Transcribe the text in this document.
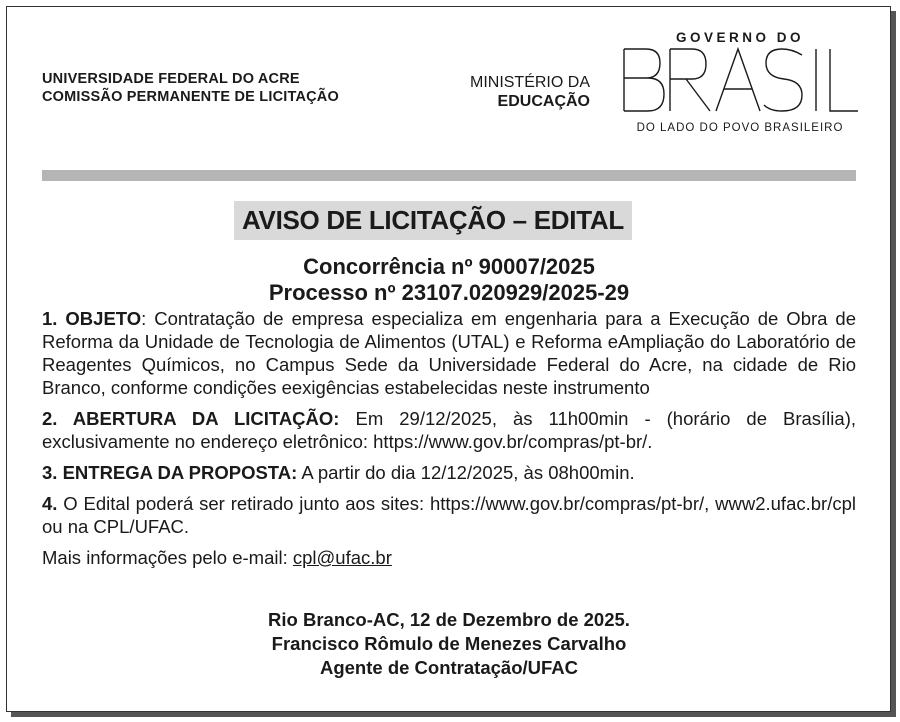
UNIVERSIDADE FEDERAL DO ACRE
COMISSÃO PERMANENTE DE LICITAÇÃO
MINISTÉRIO DA
EDUCAÇÃO
GOVERNO DO
DO LADO DO POVO BRASILEIRO
AVISO DE LICITAÇÃO – EDITAL
Concorrência nº 90007/2025
Processo nº 23107.020929/2025-29

1. OBJETO: Contratação de empresa especializa em engenharia para a Execução de Obra de Reforma da Unidade de Tecnologia de Alimentos (UTAL) e Reforma eAmpliação do Laboratório de Reagentes Químicos, no Campus Sede da Universidade Federal do Acre, na cidade de Rio Branco, conforme condições eexigências estabelecidas neste instrumento

2. ABERTURA DA LICITAÇÃO: Em 29/12/2025, às 11h00min - (horário de Brasília), exclusivamente no endereço eletrônico: https://www.gov.br/compras/pt-br/.

3. ENTREGA DA PROPOSTA: A partir do dia 12/12/2025, às 08h00min.

4. O Edital poderá ser retirado junto aos sites: https://www.gov.br/compras/pt-br/, www2.ufac.br/cpl ou na CPL/UFAC.

Mais informações pelo e-mail: cpl@ufac.br

Rio Branco-AC, 12 de Dezembro de 2025.
Francisco Rômulo de Menezes Carvalho
Agente de Contratação/UFAC
